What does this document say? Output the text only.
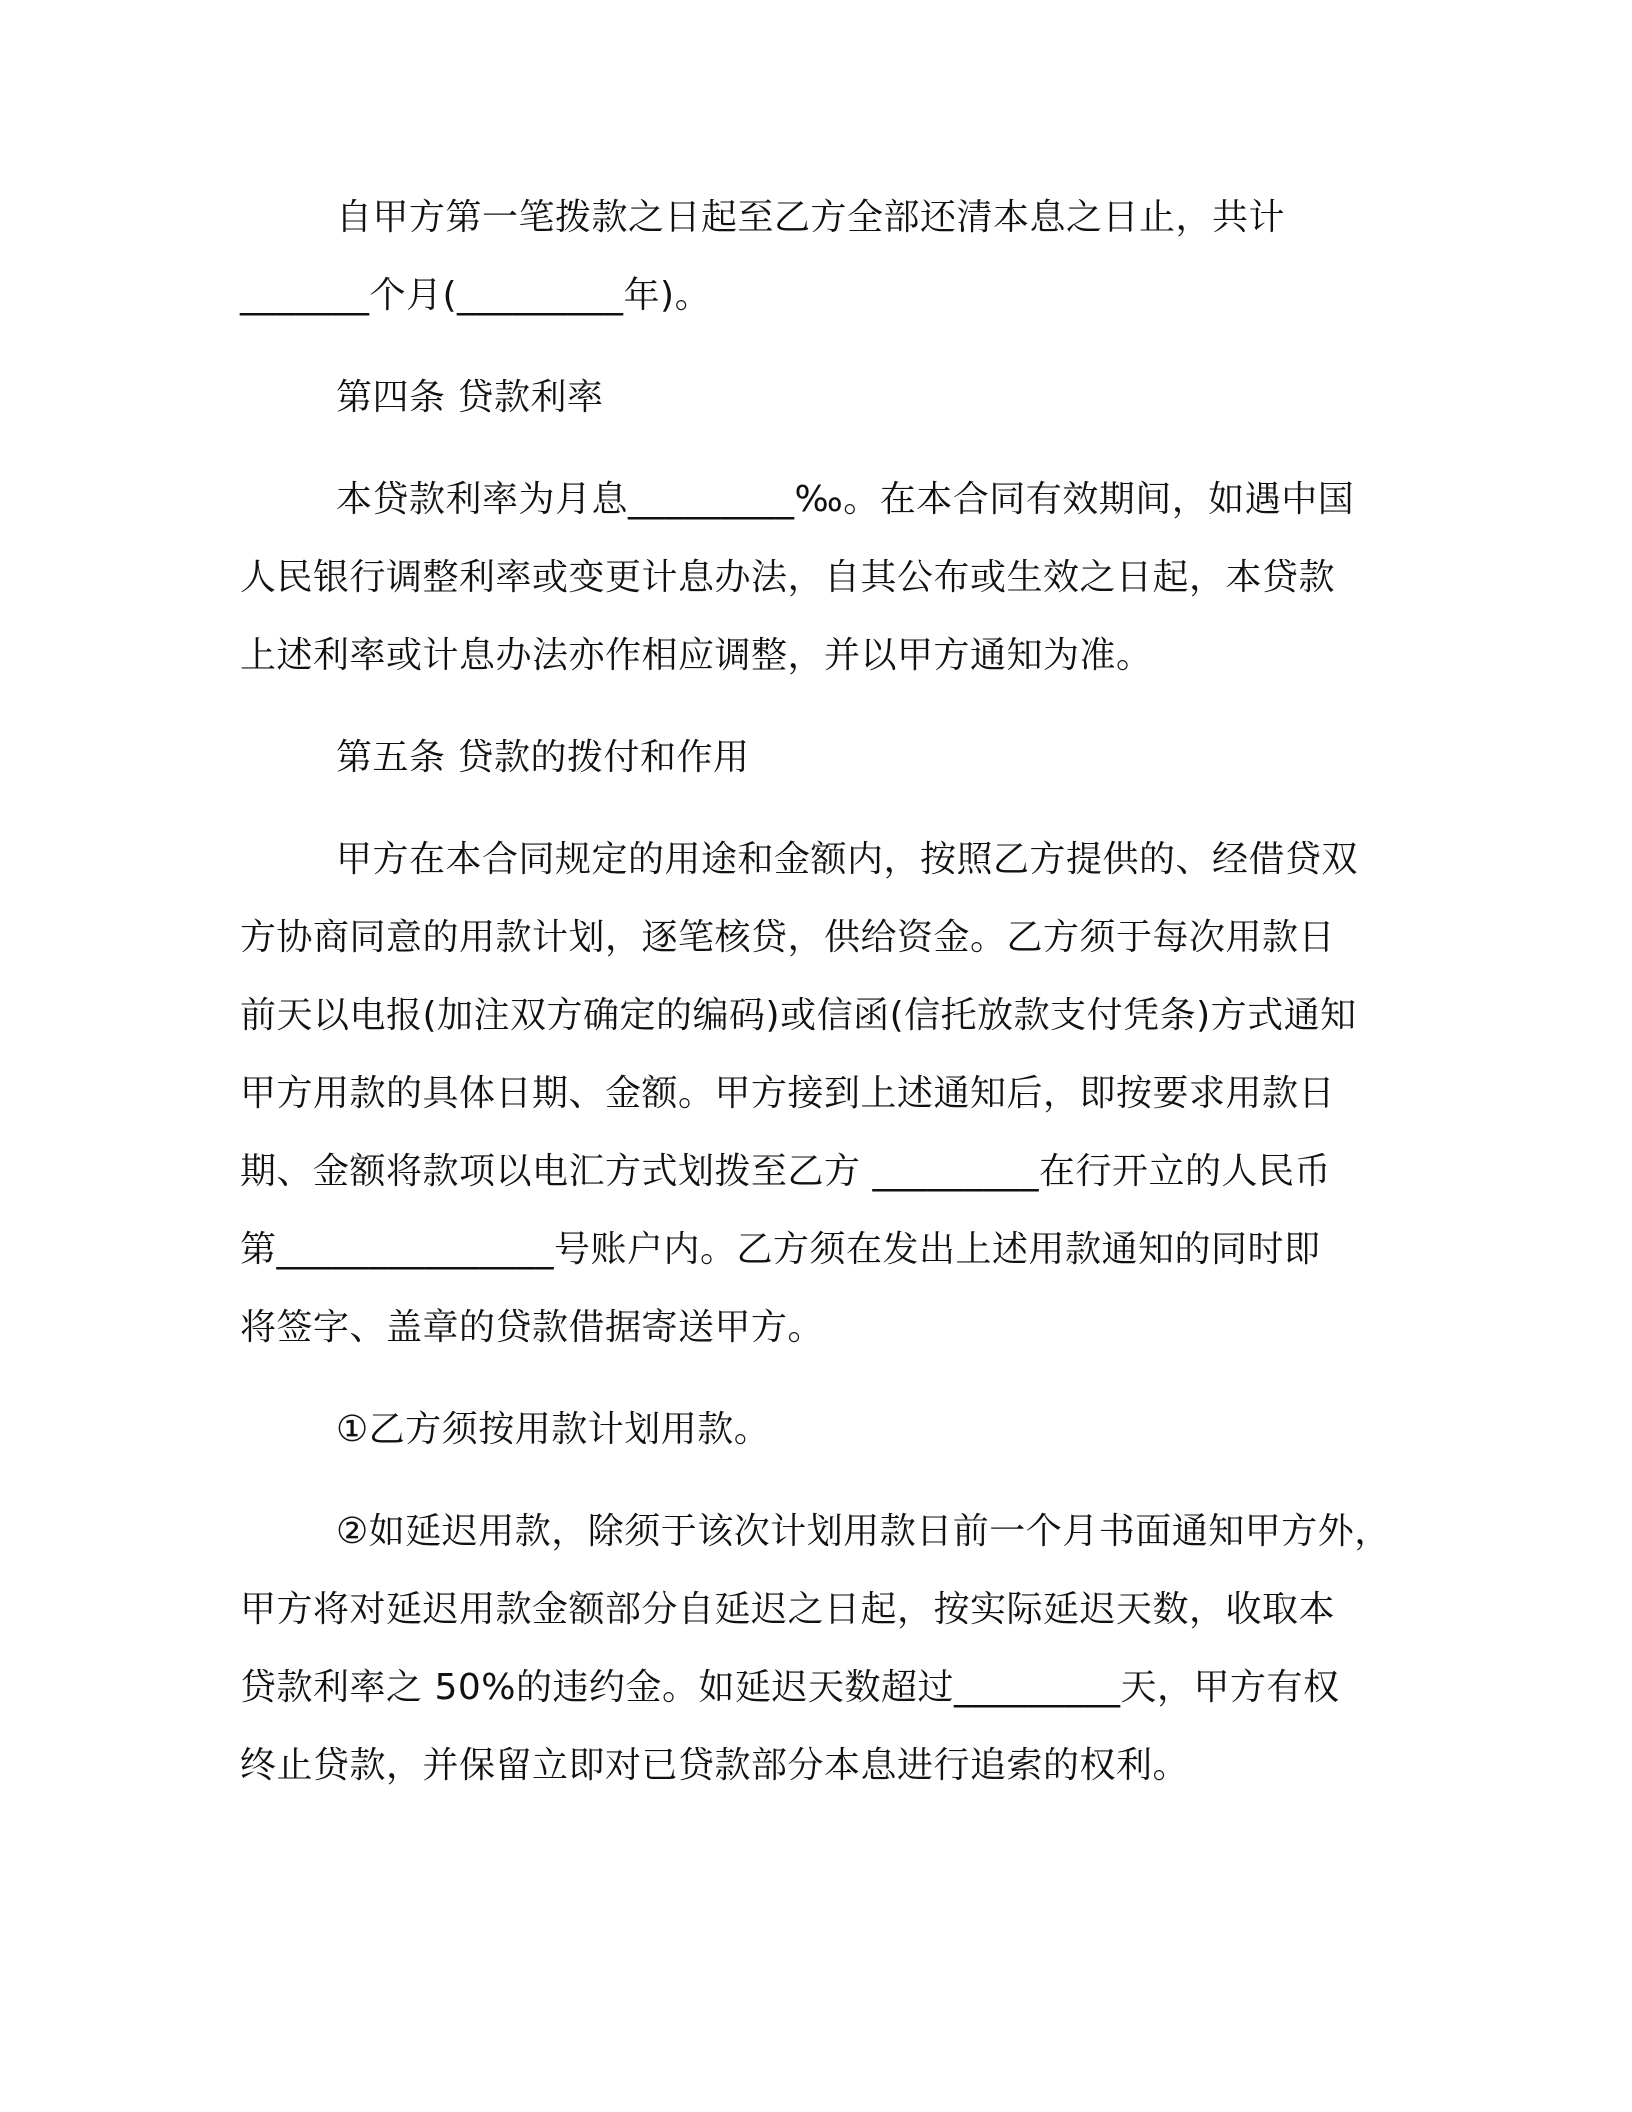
自甲方第一笔拨款之日起至乙方全部还清本息之日止，共计
_______个月(_________年)。
第四条 贷款利率
本贷款利率为月息_________‰。在本合同有效期间，如遇中国
人民银行调整利率或变更计息办法，自其公布或生效之日起，本贷款
上述利率或计息办法亦作相应调整，并以甲方通知为准。
第五条 贷款的拨付和作用
甲方在本合同规定的用途和金额内，按照乙方提供的、经借贷双
方协商同意的用款计划，逐笔核贷，供给资金。乙方须于每次用款日
前天以电报(加注双方确定的编码)或信函(信托放款支付凭条)方式通知
甲方用款的具体日期、金额。甲方接到上述通知后，即按要求用款日
期、金额将款项以电汇方式划拨至乙方 _________在行开立的人民币
第_______________号账户内。乙方须在发出上述用款通知的同时即
将签字、盖章的贷款借据寄送甲方。
①乙方须按用款计划用款。
②如延迟用款，除须于该次计划用款日前一个月书面通知甲方外，
甲方将对延迟用款金额部分自延迟之日起，按实际延迟天数，收取本
贷款利率之 50%的违约金。如延迟天数超过_________天，甲方有权
终止贷款，并保留立即对已贷款部分本息进行追索的权利。
